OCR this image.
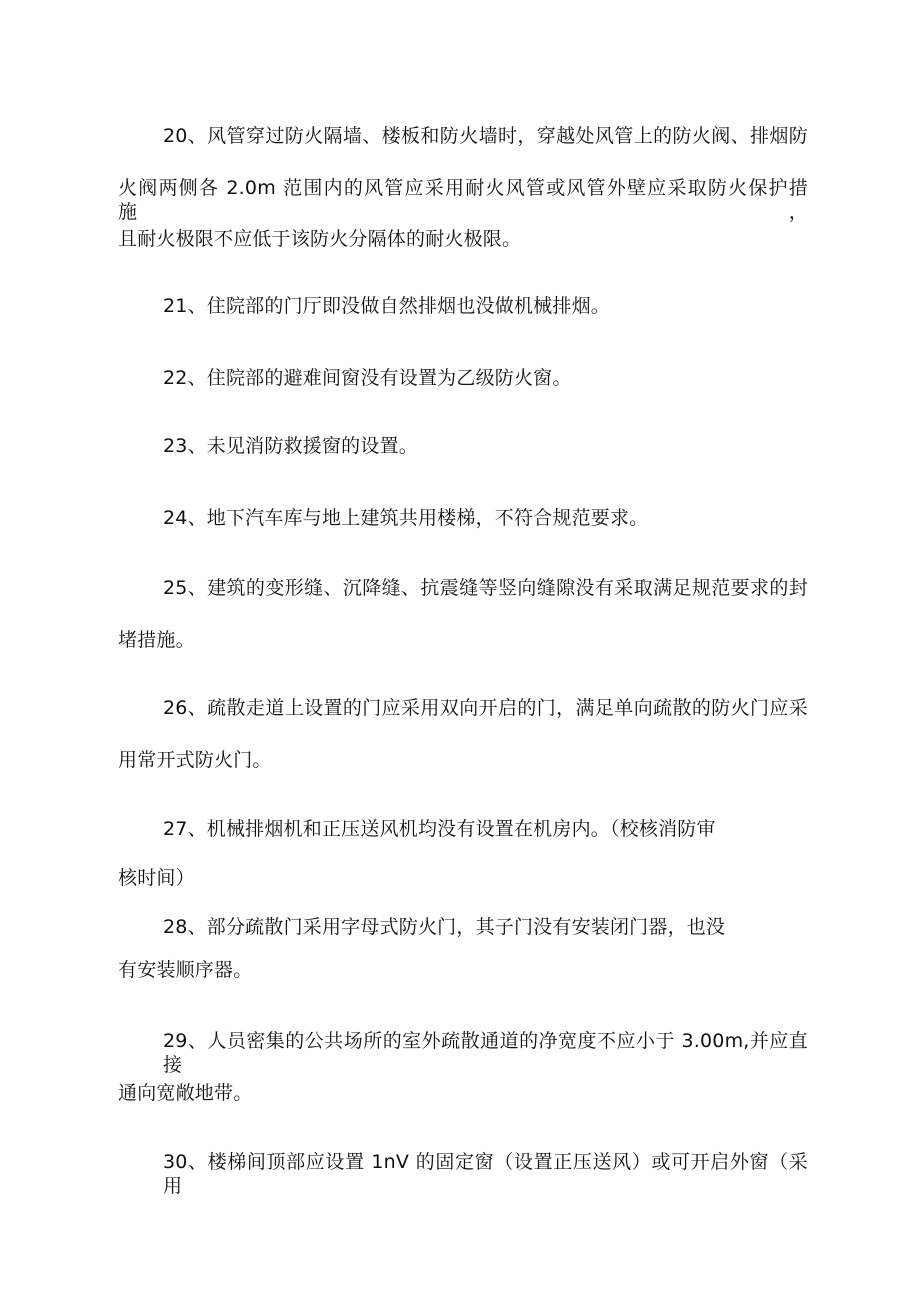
20、风管穿过防火隔墙、楼板和防火墙时，穿越处风管上的防火阀、排烟防
火阀两侧各 2.0m 范围内的风管应采用耐火风管或风管外壁应采取防火保护措施，
且耐火极限不应低于该防火分隔体的耐火极限。
21、住院部的门厅即没做自然排烟也没做机械排烟。
22、住院部的避难间窗没有设置为乙级防火窗。
23、未见消防救援窗的设置。
24、地下汽车库与地上建筑共用楼梯，不符合规范要求。
25、建筑的变形缝、沉降缝、抗震缝等竖向缝隙没有采取满足规范要求的封
堵措施。
26、疏散走道上设置的门应采用双向开启的门，满足单向疏散的防火门应采
用常开式防火门。
27、机械排烟机和正压送风机均没有设置在机房内。（校核消防审
核时间）
28、部分疏散门采用字母式防火门，其子门没有安装闭门器，也没
有安装顺序器。
29、人员密集的公共场所的室外疏散通道的净宽度不应小于 3.00m,并应直接
通向宽敞地带。
30、楼梯间顶部应设置 1nV 的固定窗（设置正压送风）或可开启外窗（采用
